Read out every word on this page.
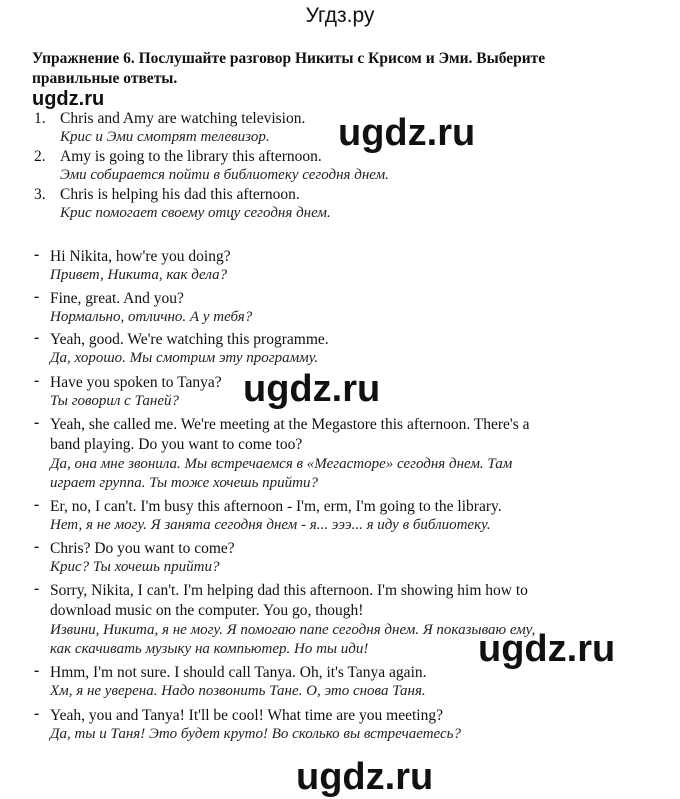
Угдз.ру
Упражнение 6. Послушайте разговор Никиты с Крисом и Эми. Выберите
правильные ответы.
ugdz.ru
ugdz.ru
ugdz.ru
ugdz.ru
ugdz.ru
1. Chris and Amy are watching television.
Крис и Эми смотрят телевизор.
2. Amy is going to the library this afternoon.
Эми собирается пойти в библиотеку сегодня днем.
3. Chris is helping his dad this afternoon.
Крис помогает своему отцу сегодня днем.
- Hi Nikita, how're you doing?
Привет, Никита, как дела?
- Fine, great. And you?
Нормально, отлично. А у тебя?
- Yeah, good. We're watching this programme.
Да, хорошо. Мы смотрим эту программу.
- Have you spoken to Tanya?
Ты говорил с Таней?
- Yeah, she called me. We're meeting at the Megastore this afternoon. There's a
band playing. Do you want to come too?
Да, она мне звонила. Мы встречаемся в «Мегасторе» сегодня днем. Там
играет группа. Ты тоже хочешь прийти?
- Er, no, I can't. I'm busy this afternoon - I'm, erm, I'm going to the library.
Нет, я не могу. Я занята сегодня днем - я... эээ... я иду в библиотеку.
- Chris? Do you want to come?
Крис? Ты хочешь прийти?
- Sorry, Nikita, I can't. I'm helping dad this afternoon. I'm showing him how to
download music on the computer. You go, though!
Извини, Никита, я не могу. Я помогаю папе сегодня днем. Я показываю ему,
как скачивать музыку на компьютер. Но ты иди!
- Hmm, I'm not sure. I should call Tanya. Oh, it's Tanya again.
Хм, я не уверена. Надо позвонить Тане. О, это снова Таня.
- Yeah, you and Tanya! It'll be cool! What time are you meeting?
Да, ты и Таня! Это будет круто! Во сколько вы встречаетесь?
